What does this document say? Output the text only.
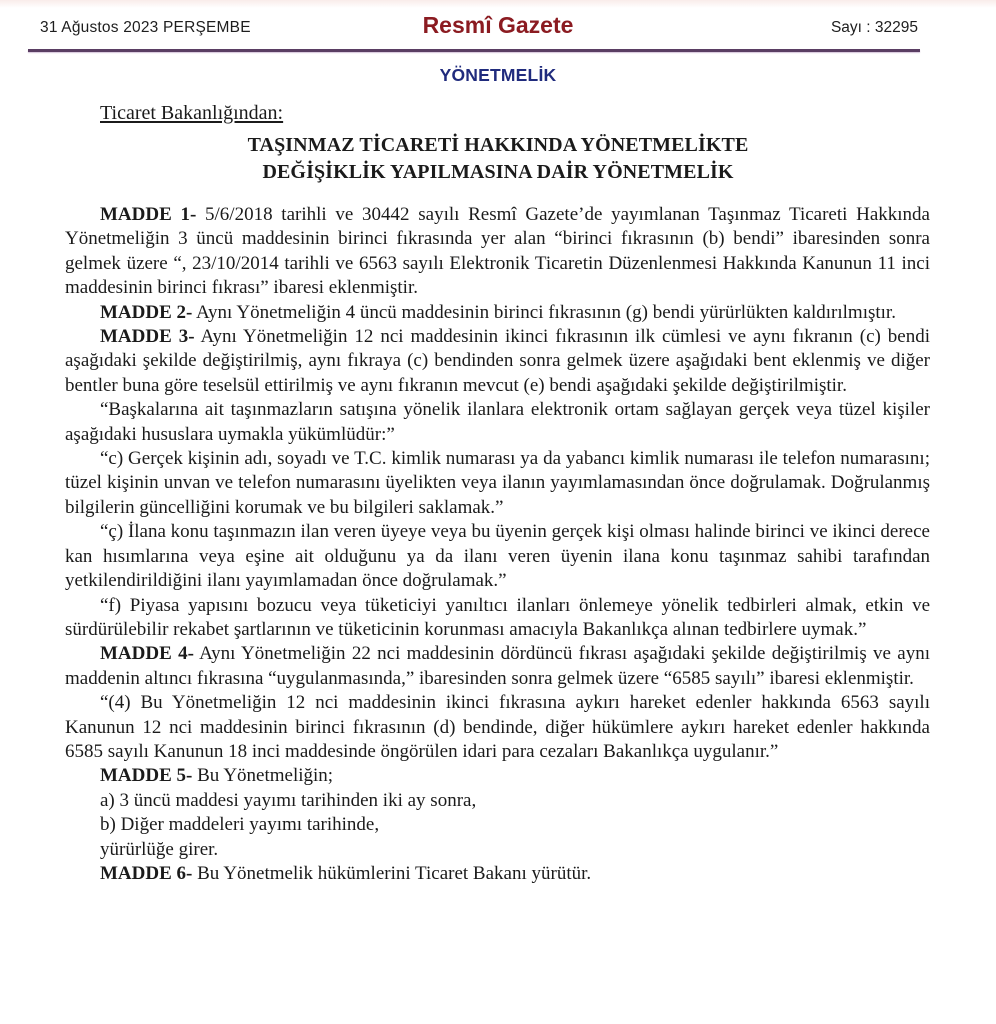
31 Ağustos 2023 PERŞEMBE	Resmî Gazete	Sayı : 32295
YÖNETMELİK
Ticaret Bakanlığından:
TAŞINMAZ TİCARETİ HAKKINDA YÖNETMELİKTE
DEĞİŞİKLİK YAPILMASINA DAİR YÖNETMELİK

MADDE 1- 5/6/2018 tarihli ve 30442 sayılı Resmî Gazete’de yayımlanan Taşınmaz Ticareti Hakkında Yönetmeliğin 3 üncü maddesinin birinci fıkrasında yer alan “birinci fıkrasının (b) bendi” ibaresinden sonra gelmek üzere “, 23/10/2014 tarihli ve 6563 sayılı Elektronik Ticaretin Düzenlenmesi Hakkında Kanunun 11 inci maddesinin birinci fıkrası” ibaresi eklenmiştir.

MADDE 2- Aynı Yönetmeliğin 4 üncü maddesinin birinci fıkrasının (g) bendi yürürlükten kaldırılmıştır.

MADDE 3- Aynı Yönetmeliğin 12 nci maddesinin ikinci fıkrasının ilk cümlesi ve aynı fıkranın (c) bendi aşağıdaki şekilde değiştirilmiş, aynı fıkraya (c) bendinden sonra gelmek üzere aşağıdaki bent eklenmiş ve diğer bentler buna göre teselsül ettirilmiş ve aynı fıkranın mevcut (e) bendi aşağıdaki şekilde değiştirilmiştir.

“Başkalarına ait taşınmazların satışına yönelik ilanlara elektronik ortam sağlayan gerçek veya tüzel kişiler aşağıdaki hususlara uymakla yükümlüdür:”

“c) Gerçek kişinin adı, soyadı ve T.C. kimlik numarası ya da yabancı kimlik numarası ile telefon numarasını; tüzel kişinin unvan ve telefon numarasını üyelikten veya ilanın yayımlamasından önce doğrulamak. Doğrulanmış bilgilerin güncelliğini korumak ve bu bilgileri saklamak.”

“ç) İlana konu taşınmazın ilan veren üyeye veya bu üyenin gerçek kişi olması halinde birinci ve ikinci derece kan hısımlarına veya eşine ait olduğunu ya da ilanı veren üyenin ilana konu taşınmaz sahibi tarafından yetkilendirildiğini ilanı yayımlamadan önce doğrulamak.”

“f) Piyasa yapısını bozucu veya tüketiciyi yanıltıcı ilanları önlemeye yönelik tedbirleri almak, etkin ve sürdürülebilir rekabet şartlarının ve tüketicinin korunması amacıyla Bakanlıkça alınan tedbirlere uymak.”

MADDE 4- Aynı Yönetmeliğin 22 nci maddesinin dördüncü fıkrası aşağıdaki şekilde değiştirilmiş ve aynı maddenin altıncı fıkrasına “uygulanmasında,” ibaresinden sonra gelmek üzere “6585 sayılı” ibaresi eklenmiştir.

“(4) Bu Yönetmeliğin 12 nci maddesinin ikinci fıkrasına aykırı hareket edenler hakkında 6563 sayılı Kanunun 12 nci maddesinin birinci fıkrasının (d) bendinde, diğer hükümlere aykırı hareket edenler hakkında 6585 sayılı Kanunun 18 inci maddesinde öngörülen idari para cezaları Bakanlıkça uygulanır.”

MADDE 5- Bu Yönetmeliğin;

a) 3 üncü maddesi yayımı tarihinden iki ay sonra,

b) Diğer maddeleri yayımı tarihinde,

yürürlüğe girer.

MADDE 6- Bu Yönetmelik hükümlerini Ticaret Bakanı yürütür.
